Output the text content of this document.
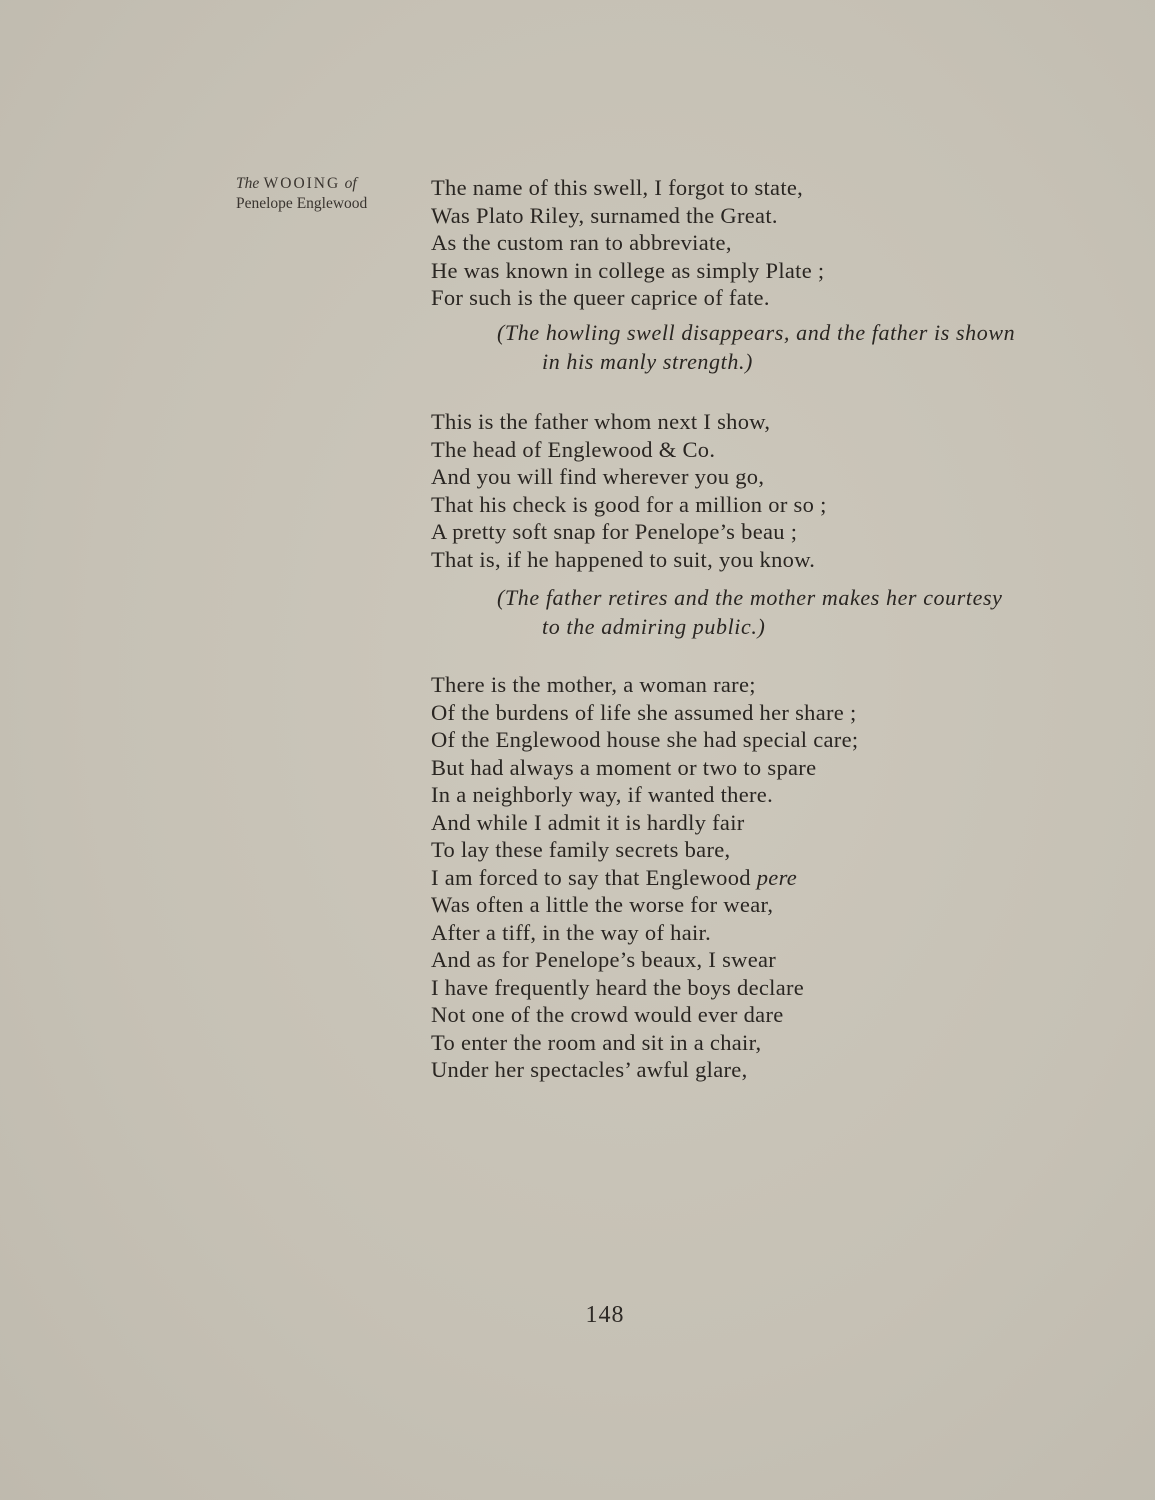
The WOOING of
Penelope Englewood
The name of this swell, I forgot to state,
Was Plato Riley, surnamed the Great.
As the custom ran to abbreviate,
He was known in college as simply Plate ;
For such is the queer caprice of fate.
(The howling swell disappears, and the father is shown
in his manly strength.)
This is the father whom next I show,
The head of Englewood & Co.
And you will find wherever you go,
That his check is good for a million or so ;
A pretty soft snap for Penelope’s beau ;
That is, if he happened to suit, you know.
(The father retires and the mother makes her courtesy
to the admiring public.)
There is the mother, a woman rare;
Of the burdens of life she assumed her share ;
Of the Englewood house she had special care;
But had always a moment or two to spare
In a neighborly way, if wanted there.
And while I admit it is hardly fair
To lay these family secrets bare,
I am forced to say that Englewood pere
Was often a little the worse for wear,
After a tiff, in the way of hair.
And as for Penelope’s beaux, I swear
I have frequently heard the boys declare
Not one of the crowd would ever dare
To enter the room and sit in a chair,
Under her spectacles’ awful glare,
148
